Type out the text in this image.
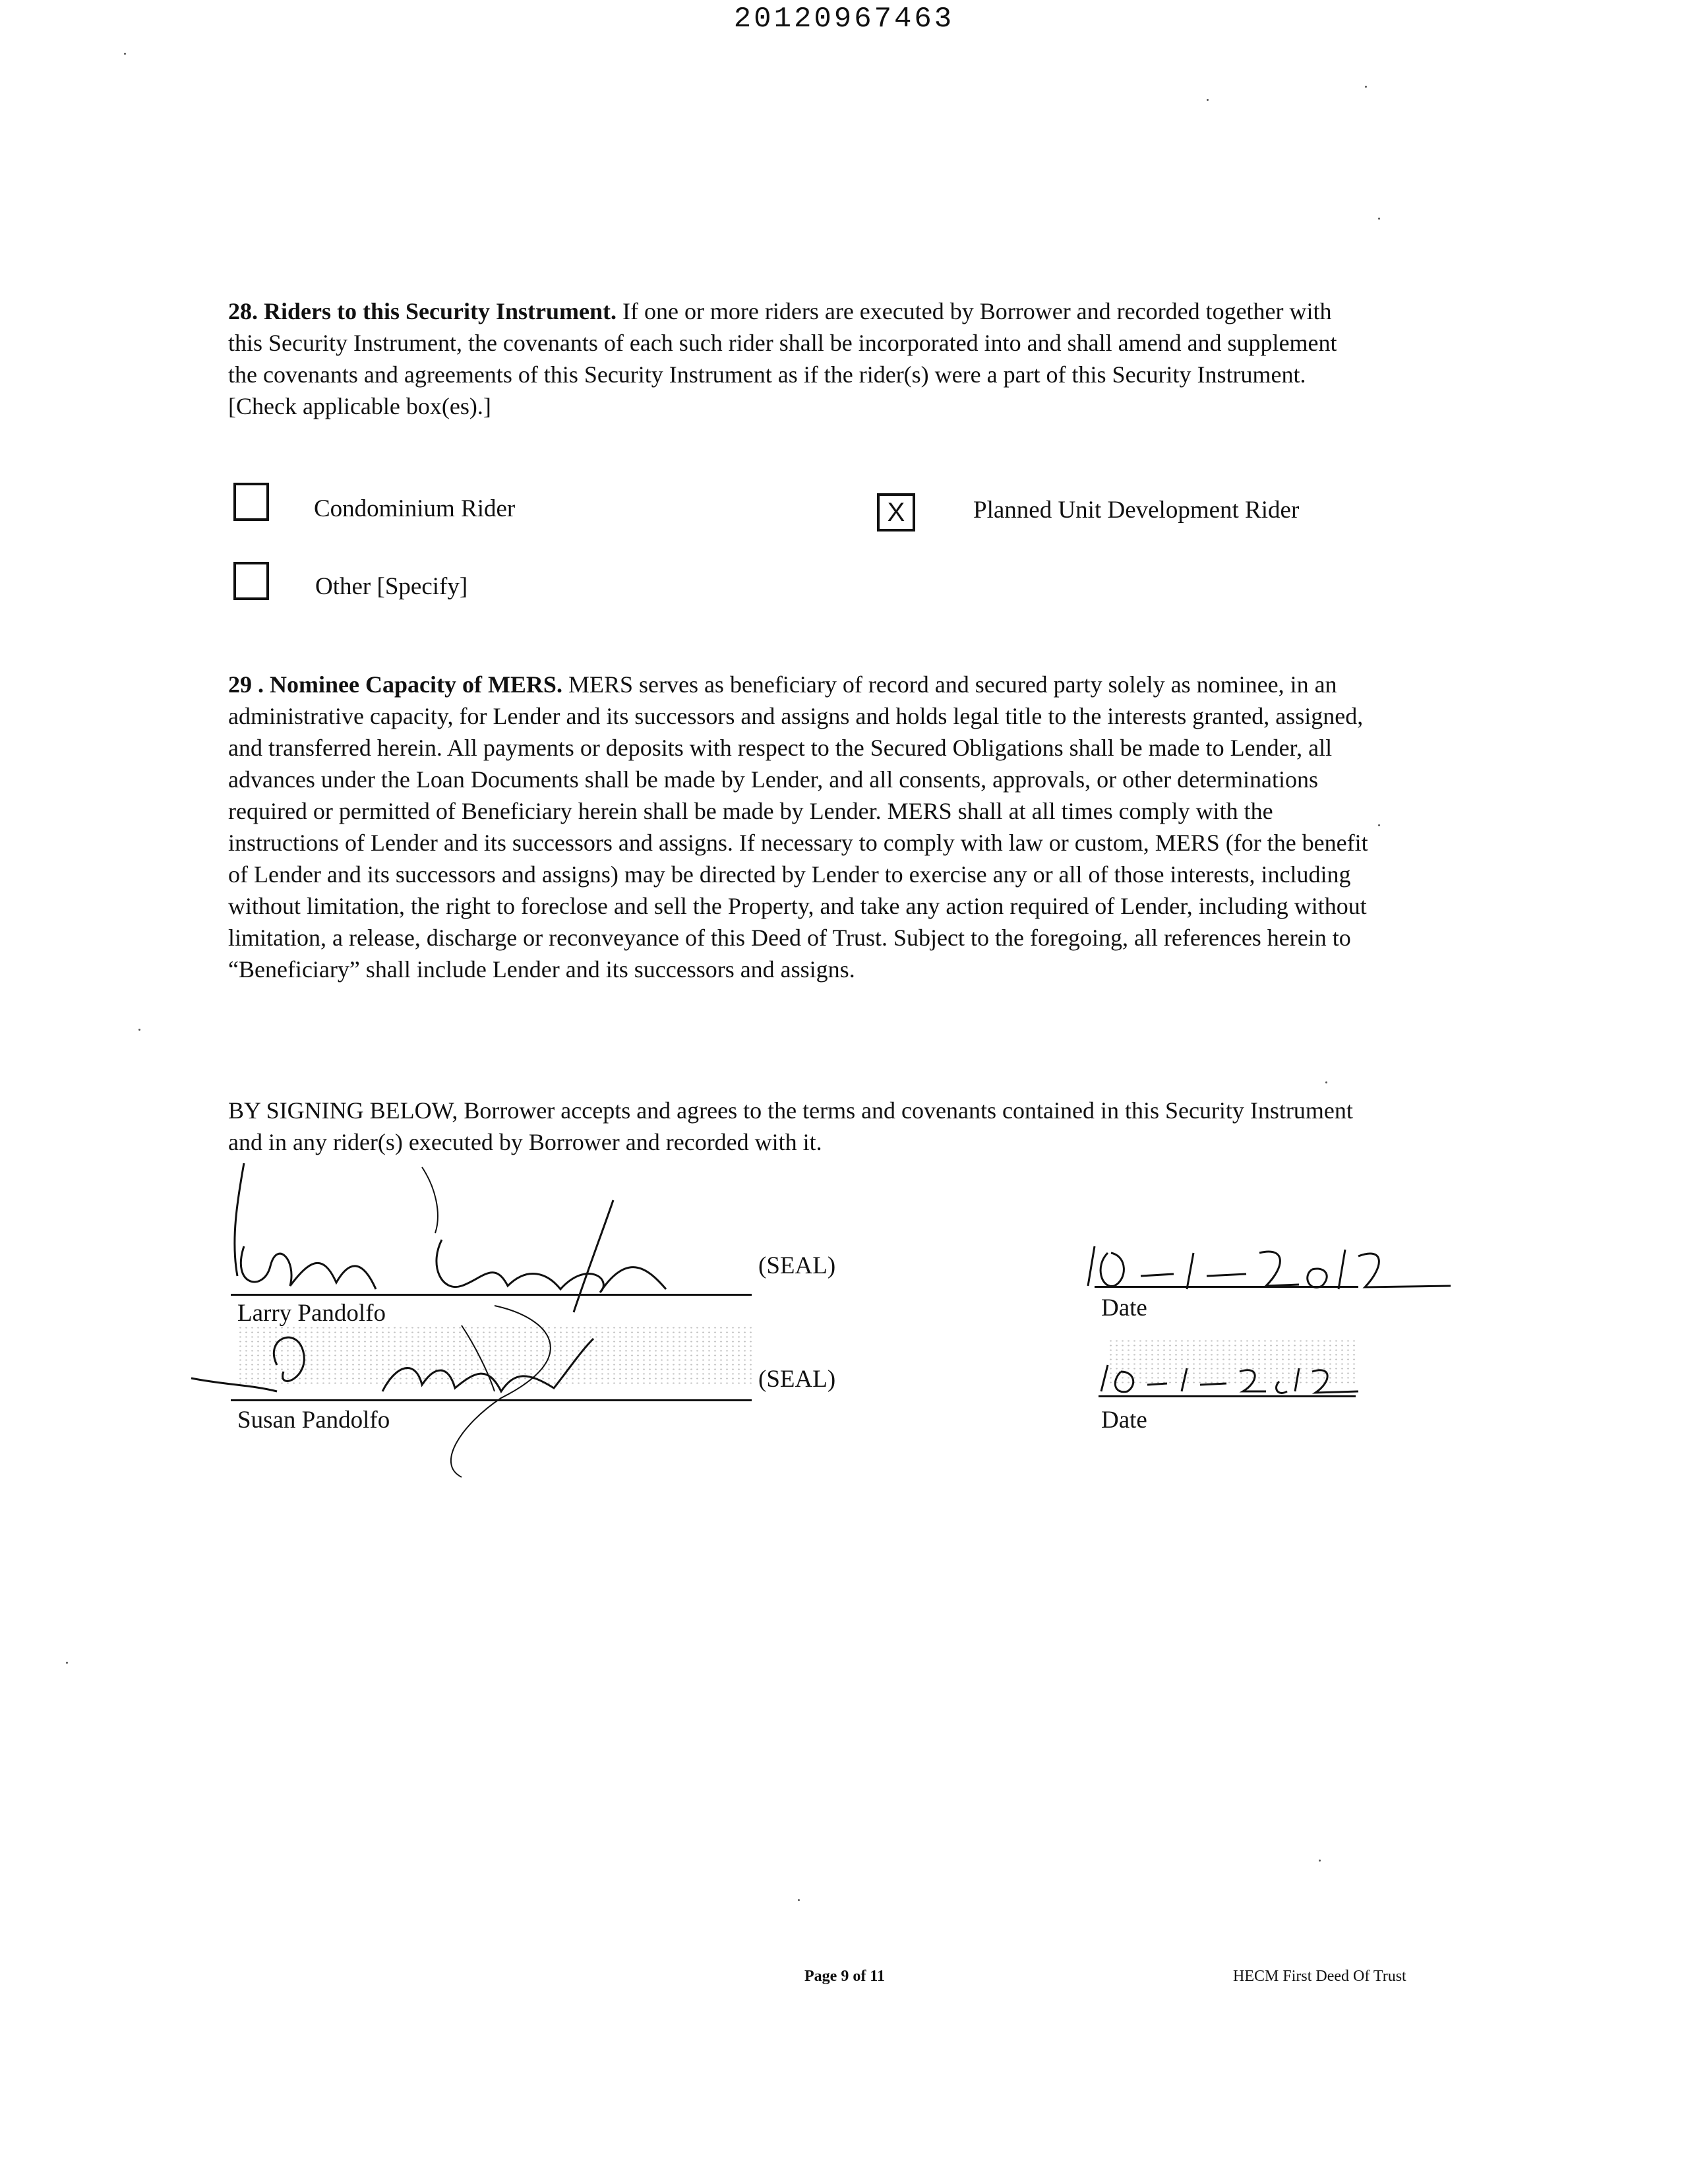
20120967463

28. Riders to this Security Instrument. If one or more riders are executed by Borrower and recorded together with this Security Instrument, the covenants of each such rider shall be incorporated into and shall amend and supplement the covenants and agreements of this Security Instrument as if the rider(s) were a part of this Security Instrument. [Check applicable box(es).]

Condominium Rider	X	Planned Unit Development Rider
Other [Specify]

29 . Nominee Capacity of MERS. MERS serves as beneficiary of record and secured party solely as nominee, in an administrative capacity, for Lender and its successors and assigns and holds legal title to the interests granted, assigned, and transferred herein. All payments or deposits with respect to the Secured Obligations shall be made to Lender, all advances under the Loan Documents shall be made by Lender, and all consents, approvals, or other determinations required or permitted of Beneficiary herein shall be made by Lender. MERS shall at all times comply with the instructions of Lender and its successors and assigns. If necessary to comply with law or custom, MERS (for the benefit of Lender and its successors and assigns) may be directed by Lender to exercise any or all of those interests, including without limitation, the right to foreclose and sell the Property, and take any action required of Lender, including without limitation, a release, discharge or reconveyance of this Deed of Trust. Subject to the foregoing, all references herein to “Beneficiary” shall include Lender and its successors and assigns.

BY SIGNING BELOW, Borrower accepts and agrees to the terms and covenants contained in this Security Instrument and in any rider(s) executed by Borrower and recorded with it.

(SEAL)
Larry Pandolfo	Date
(SEAL)
Susan Pandolfo	Date
Page 9 of 11	HECM First Deed Of Trust
